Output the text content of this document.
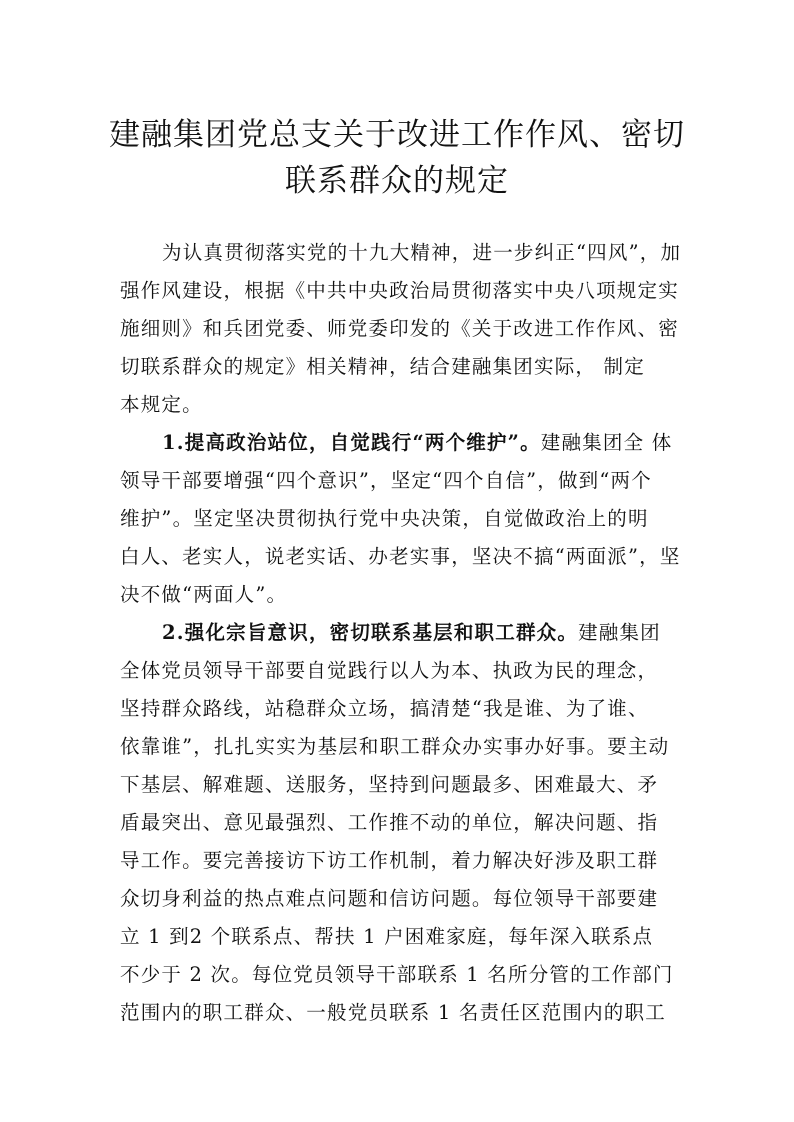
建融集团党总支关于改进工作作风、密切
联系群众的规定
为认真贯彻落实党的十九大精神，进一步纠正“四风”，加
强作风建设，根据《中共中央政治局贯彻落实中央八项规定实
施细则》和兵团党委、师党委印发的《关于改进工作作风、密
切联系群众的规定》相关精神，结合建融集团实际， 制定
本规定。
1.提高政治站位，自觉践行“两个维护”。建融集团全 体
领导干部要增强“四个意识”，坚定“四个自信”，做到“两个
维护”。坚定坚决贯彻执行党中央决策，自觉做政治上的明
白人、老实人，说老实话、办老实事，坚决不搞“两面派”，坚
决不做“两面人”。
2.强化宗旨意识，密切联系基层和职工群众。建融集团
全体党员领导干部要自觉践行以人为本、执政为民的理念，
坚持群众路线，站稳群众立场，搞清楚“我是谁、为了谁、
依靠谁”，扎扎实实为基层和职工群众办实事办好事。要主动
下基层、解难题、送服务，坚持到问题最多、困难最大、矛
盾最突出、意见最强烈、工作推不动的单位，解决问题、指
导工作。要完善接访下访工作机制，着力解决好涉及职工群
众切身利益的热点难点问题和信访问题。每位领导干部要建
立 1 到2 个联系点、帮扶 1 户困难家庭，每年深入联系点
不少于 2 次。每位党员领导干部联系 1 名所分管的工作部门
范围内的职工群众、一般党员联系 1 名责任区范围内的职工
